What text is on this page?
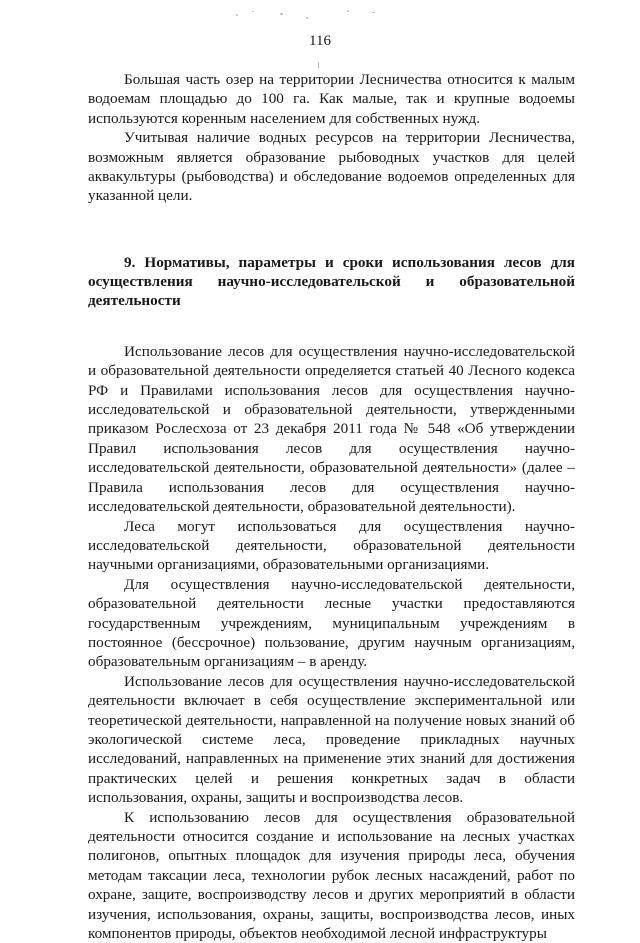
116

Большая часть озер на территории Лесничества относится к малым водоемам площадью до 100 га. Как малые, так и крупные водоемы используются коренным населением для собственных нужд.

Учитывая наличие водных ресурсов на территории Лесничества, возможным является образование рыбоводных участков для целей аквакультуры (рыбоводства) и обследование водоемов определенных для указанной цели.

9. Нормативы, параметры и сроки использования лесов для осуществления научно-исследовательской и образовательной деятельности

Использование лесов для осуществления научно-исследовательской и образовательной деятельности определяется статьей 40 Лесного кодекса РФ и Правилами использования лесов для осуществления научно-исследовательской и образовательной деятельности, утвержденными приказом Рослесхоза от 23 декабря 2011 года № 548 «Об утверждении Правил использования лесов для осуществления научно-исследовательской деятельности, образовательной деятельности» (далее – Правила использования лесов для осуществления научно-исследовательской деятельности, образовательной деятельности).

Леса могут использоваться для осуществления научно-исследовательской деятельности, образовательной деятельности научными организациями, образовательными организациями.

Для осуществления научно-исследовательской деятельности, образовательной деятельности лесные участки предоставляются государственным учреждениям, муниципальным учреждениям в постоянное (бессрочное) пользование, другим научным организациям, образовательным организациям – в аренду.

Использование лесов для осуществления научно-исследовательской деятельности включает в себя осуществление экспериментальной или теоретической деятельности, направленной на получение новых знаний об экологической системе леса, проведение прикладных научных исследований, направленных на применение этих знаний для достижения практических целей и решения конкретных задач в области использования, охраны, защиты и воспроизводства лесов.

К использованию лесов для осуществления образовательной деятельности относится создание и использование на лесных участках полигонов, опытных площадок для изучения природы леса, обучения методам таксации леса, технологии рубок лесных насаждений, работ по охране, защите, воспроизводству лесов и других мероприятий в области изучения, использования, охраны, защиты, воспроизводства лесов, иных компонентов природы, объектов необходимой лесной инфраструктуры
